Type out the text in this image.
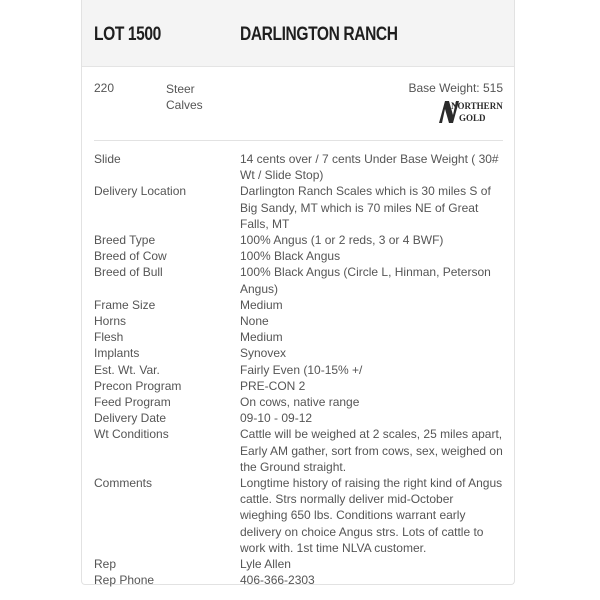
LOT 1500	DARLINGTON RANCH
220	Steer
Calves
Base Weight: 515
NORTHERN
GOLD
Slide	14 cents over / 7 cents Under Base Weight ( 30# Wt / Slide Stop)
Delivery Location	Darlington Ranch Scales which is 30 miles S of Big Sandy, MT which is 70 miles NE of Great Falls, MT
Breed Type	100% Angus (1 or 2 reds, 3 or 4 BWF)
Breed of Cow	100% Black Angus
Breed of Bull	100% Black Angus (Circle L, Hinman, Peterson Angus)
Frame Size	Medium
Horns	None
Flesh	Medium
Implants	Synovex
Est. Wt. Var.	Fairly Even (10-15% +/
Precon Program	PRE-CON 2
Feed Program	On cows, native range
Delivery Date	09-10 - 09-12
Wt Conditions	Cattle will be weighed at 2 scales, 25 miles apart, Early AM gather, sort from cows, sex, weighed on the Ground straight.
Comments	Longtime history of raising the right kind of Angus cattle. Strs normally deliver mid-October wieghing 650 lbs. Conditions warrant early delivery on choice Angus strs. Lots of cattle to work with. 1st time NLVA customer.
Rep	Lyle Allen
Rep Phone	406-366-2303
